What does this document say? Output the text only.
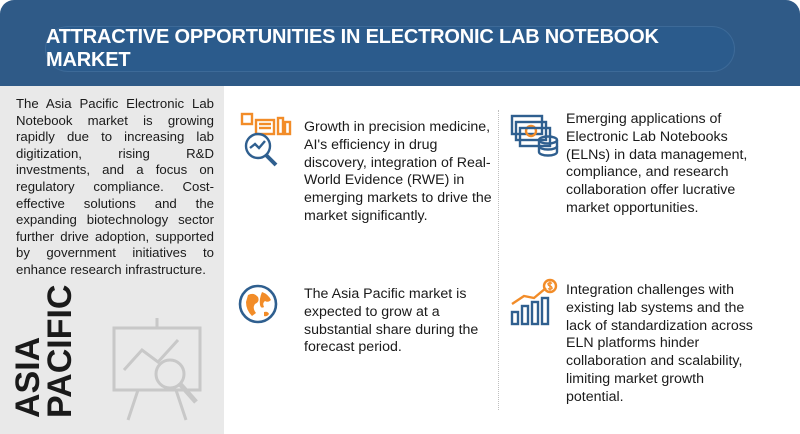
ATTRACTIVE OPPORTUNITIES IN ELECTRONIC LAB NOTEBOOK MARKET

The Asia Pacific Electronic Lab Notebook market is growing rapidly due to increasing lab digitization, rising R&D investments, and a focus on regulatory compliance. Cost-effective solutions and the expanding biotechnology sector further drive adoption, supported by government initiatives to enhance research infrastructure.

ASIA
PACIFIC

Growth in precision medicine, AI's efficiency in drug discovery, integration of Real-World Evidence (RWE) in emerging markets to drive the market significantly.

Emerging applications of Electronic Lab Notebooks (ELNs) in data management, compliance, and research collaboration offer lucrative market opportunities.

The Asia Pacific market is expected to grow at a substantial share during the forecast period.

Integration challenges with existing lab systems and the lack of standardization across ELN platforms hinder collaboration and scalability, limiting market growth potential.
